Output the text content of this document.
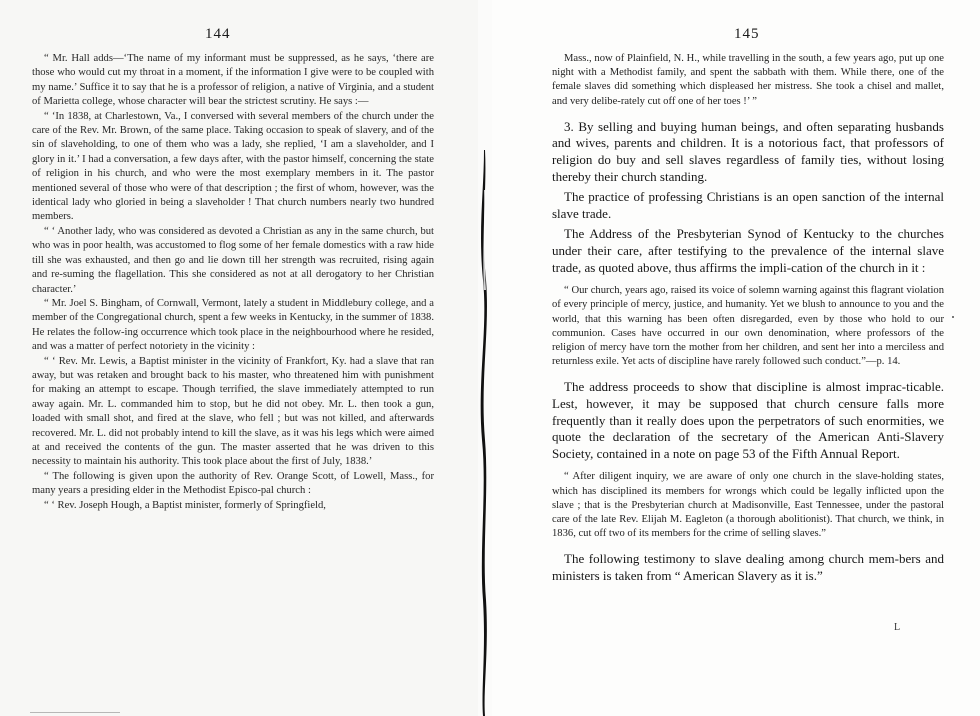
144

“ Mr. Hall adds—‘The name of my informant must be suppressed, as he says, ‘there are those who would cut my throat in a moment, if the information I give were to be coupled with my name.’ Suffice it to say that he is a professor of religion, a native of Virginia, and a student of Marietta college, whose character will bear the strictest scrutiny. He says :—

“ ‘In 1838, at Charlestown, Va., I conversed with several members of the church under the care of the Rev. Mr. Brown, of the same place. Taking occasion to speak of slavery, and of the sin of slaveholding, to one of them who was a lady, she replied, ‘I am a slaveholder, and I glory in it.’ I had a conversation, a few days after, with the pastor himself, concerning the state of religion in his church, and who were the most exemplary members in it. The pastor mentioned several of those who were of that description ; the first of whom, however, was the identical lady who gloried in being a slaveholder ! That church numbers nearly two hundred members.

“ ‘ Another lady, who was considered as devoted a Christian as any in the same church, but who was in poor health, was accustomed to flog some of her female domestics with a raw hide till she was exhausted, and then go and lie down till her strength was recruited, rising again and re-suming the flagellation. This she considered as not at all derogatory to her Christian character.’

“ Mr. Joel S. Bingham, of Cornwall, Vermont, lately a student in Middlebury college, and a member of the Congregational church, spent a few weeks in Kentucky, in the summer of 1838. He relates the follow-ing occurrence which took place in the neighbourhood where he resided, and was a matter of perfect notoriety in the vicinity :

“ ‘ Rev. Mr. Lewis, a Baptist minister in the vicinity of Frankfort, Ky. had a slave that ran away, but was retaken and brought back to his master, who threatened him with punishment for making an attempt to escape. Though terrified, the slave immediately attempted to run away again. Mr. L. commanded him to stop, but he did not obey. Mr. L. then took a gun, loaded with small shot, and fired at the slave, who fell ; but was not killed, and afterwards recovered. Mr. L. did not probably intend to kill the slave, as it was his legs which were aimed at and received the contents of the gun. The master asserted that he was driven to this necessity to maintain his authority. This took place about the first of July, 1838.’

“ The following is given upon the authority of Rev. Orange Scott, of Lowell, Mass., for many years a presiding elder in the Methodist Episco-pal church :

“ ‘ Rev. Joseph Hough, a Baptist minister, formerly of Springfield,

145

Mass., now of Plainfield, N. H., while travelling in the south, a few years ago, put up one night with a Methodist family, and spent the sabbath with them. While there, one of the female slaves did something which displeased her mistress. She took a chisel and mallet, and very delibe-rately cut off one of her toes !’ ”

3. By selling and buying human beings, and often separating husbands and wives, parents and children. It is a notorious fact, that professors of religion do buy and sell slaves regardless of family ties, without losing thereby their church standing.

The practice of professing Christians is an open sanction of the internal slave trade.

The Address of the Presbyterian Synod of Kentucky to the churches under their care, after testifying to the prevalence of the internal slave trade, as quoted above, thus affirms the impli-cation of the church in it :

“ Our church, years ago, raised its voice of solemn warning against this flagrant violation of every principle of mercy, justice, and humanity. Yet we blush to announce to you and the world, that this warning has been often disregarded, even by those who hold to our communion. Cases have occurred in our own denomination, where professors of the religion of mercy have torn the mother from her children, and sent her into a merciless and returnless exile. Yet acts of discipline have rarely followed such conduct.”—p. 14.

The address proceeds to show that discipline is almost imprac-ticable. Lest, however, it may be supposed that church censure falls more frequently than it really does upon the perpetrators of such enormities, we quote the declaration of the secretary of the American Anti-Slavery Society, contained in a note on page 53 of the Fifth Annual Report.

“ After diligent inquiry, we are aware of only one church in the slave-holding states, which has disciplined its members for wrongs which could be legally inflicted upon the slave ; that is the Presbyterian church at Madisonville, East Tennessee, under the pastoral care of the late Rev. Elijah M. Eagleton (a thorough abolitionist). That church, we think, in 1836, cut off two of its members for the crime of selling slaves.”

The following testimony to slave dealing among church mem-bers and ministers is taken from “ American Slavery as it is.”

L
